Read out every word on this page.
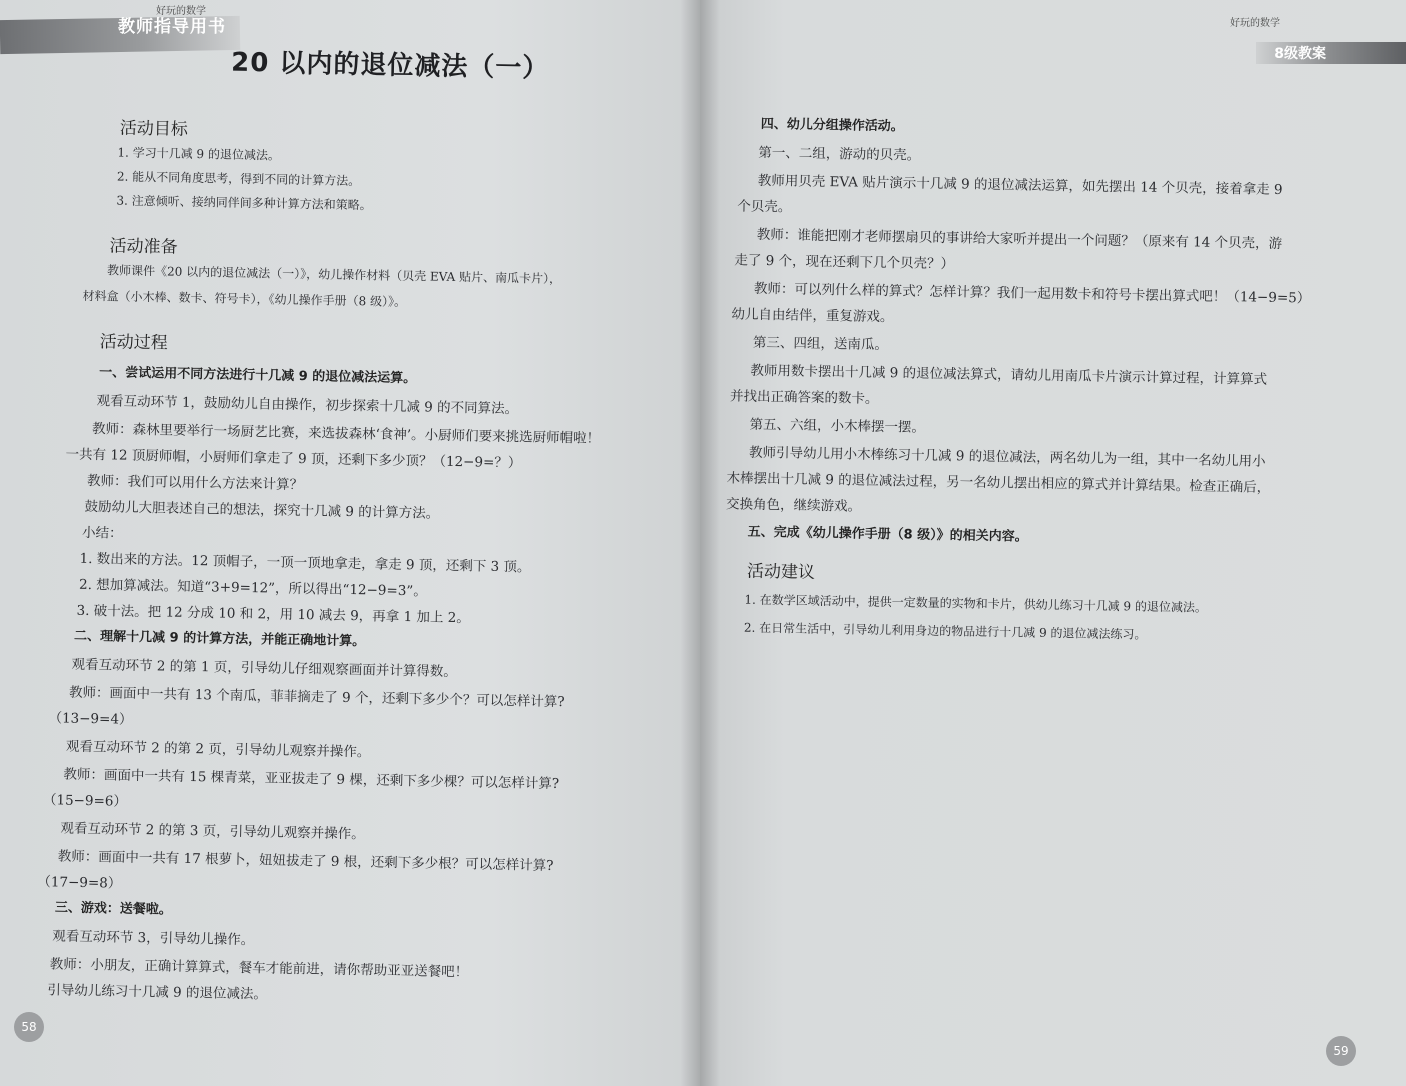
好玩的数学
教师指导用书
20 以内的退位减法（一）
活动目标
1. 学习十几减 9 的退位减法。
2. 能从不同角度思考，得到不同的计算方法。
3. 注意倾听、接纳同伴间多种计算方法和策略。
活动准备
教师课件《20 以内的退位减法（一）》，幼儿操作材料（贝壳 EVA 贴片、南瓜卡片），
材料盒（小木棒、数卡、符号卡），《幼儿操作手册（8 级）》。
活动过程
一、尝试运用不同方法进行十几减 9 的退位减法运算。
观看互动环节 1，鼓励幼儿自由操作，初步探索十几减 9 的不同算法。
教师：森林里要举行一场厨艺比赛，来选拔森林‘食神’。小厨师们要来挑选厨师帽啦！
一共有 12 顶厨师帽，小厨师们拿走了 9 顶，还剩下多少顶？（12−9=？）
教师：我们可以用什么方法来计算？
鼓励幼儿大胆表述自己的想法，探究十几减 9 的计算方法。
小结：
1. 数出来的方法。12 顶帽子，一顶一顶地拿走，拿走 9 顶，还剩下 3 顶。
2. 想加算减法。知道“3+9=12”，所以得出“12−9=3”。
3. 破十法。把 12 分成 10 和 2，用 10 减去 9，再拿 1 加上 2。
二、理解十几减 9 的计算方法，并能正确地计算。
观看互动环节 2 的第 1 页，引导幼儿仔细观察画面并计算得数。
教师：画面中一共有 13 个南瓜，菲菲摘走了 9 个，还剩下多少个？可以怎样计算?
（13−9=4）
观看互动环节 2 的第 2 页，引导幼儿观察并操作。
教师：画面中一共有 15 棵青菜，亚亚拔走了 9 棵，还剩下多少棵？可以怎样计算?
（15−9=6）
观看互动环节 2 的第 3 页，引导幼儿观察并操作。
教师：画面中一共有 17 根萝卜，妞妞拔走了 9 根，还剩下多少根？可以怎样计算?
（17−9=8）
三、游戏：送餐啦。
观看互动环节 3，引导幼儿操作。
教师：小朋友，正确计算算式，餐车才能前进，请你帮助亚亚送餐吧！
引导幼儿练习十几减 9 的退位减法。
58
好玩的数学
8级教案
四、幼儿分组操作活动。
第一、二组，游动的贝壳。
教师用贝壳 EVA 贴片演示十几减 9 的退位减法运算，如先摆出 14 个贝壳，接着拿走 9
个贝壳。
教师：谁能把刚才老师摆扇贝的事讲给大家听并提出一个问题？（原来有 14 个贝壳，游
走了 9 个，现在还剩下几个贝壳？）
教师：可以列什么样的算式？怎样计算？我们一起用数卡和符号卡摆出算式吧！（14−9=5）
幼儿自由结伴，重复游戏。
第三、四组，送南瓜。
教师用数卡摆出十几减 9 的退位减法算式，请幼儿用南瓜卡片演示计算过程，计算算式
并找出正确答案的数卡。
第五、六组，小木棒摆一摆。
教师引导幼儿用小木棒练习十几减 9 的退位减法，两名幼儿为一组，其中一名幼儿用小
木棒摆出十几减 9 的退位减法过程，另一名幼儿摆出相应的算式并计算结果。检查正确后，
交换角色，继续游戏。
五、完成《幼儿操作手册（8 级）》的相关内容。
活动建议
1. 在数学区域活动中，提供一定数量的实物和卡片，供幼儿练习十几减 9 的退位减法。
2. 在日常生活中，引导幼儿利用身边的物品进行十几减 9 的退位减法练习。
59
